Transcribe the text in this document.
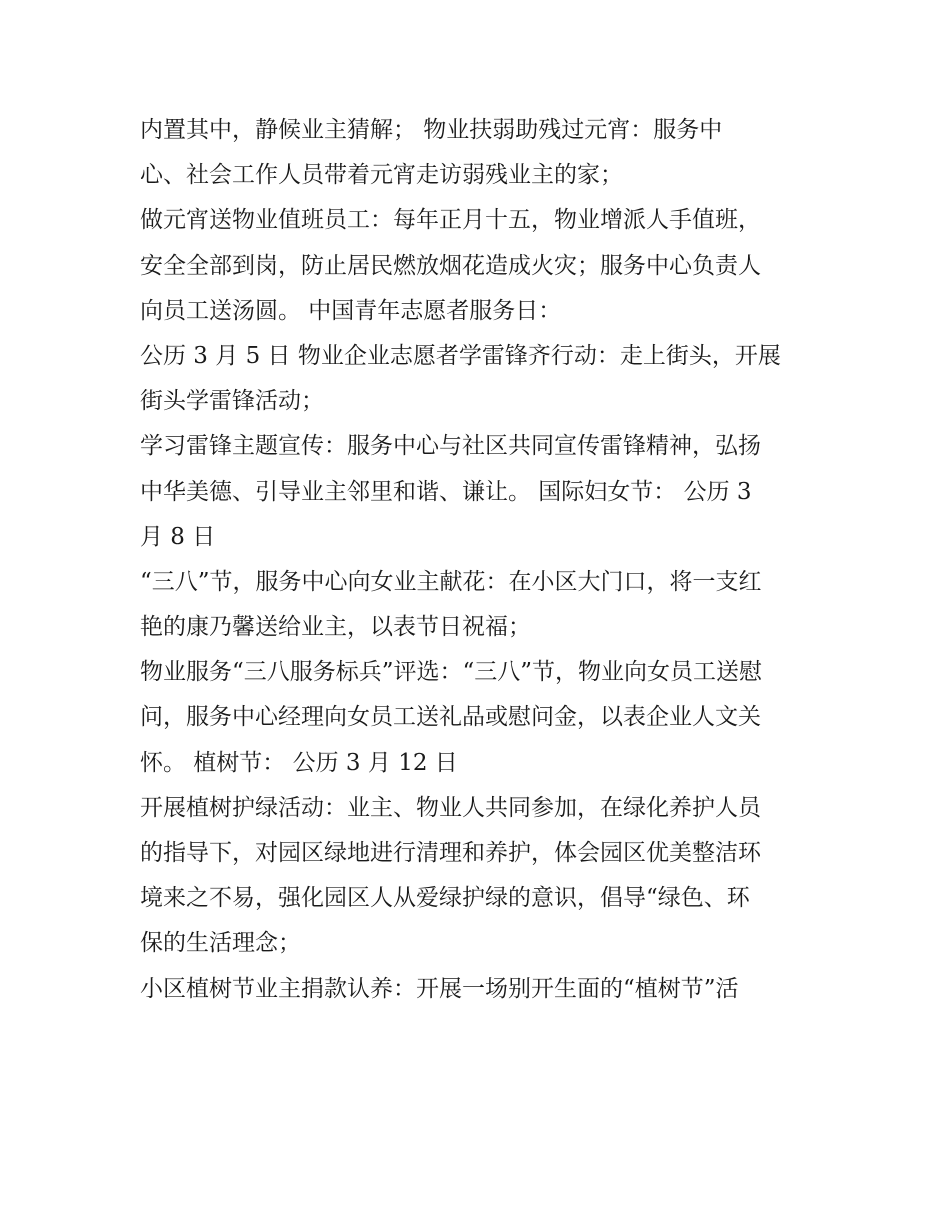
内置其中，静候业主猜解； 物业扶弱助残过元宵：服务中
心、社会工作人员带着元宵走访弱残业主的家；
做元宵送物业值班员工：每年正月十五，物业增派人手值班，
安全全部到岗，防止居民燃放烟花造成火灾；服务中心负责人
向员工送汤圆。 中国青年志愿者服务日：
公历 3 月 5 日 物业企业志愿者学雷锋齐行动：走上街头，开展
街头学雷锋活动；
学习雷锋主题宣传：服务中心与社区共同宣传雷锋精神，弘扬
中华美德、引导业主邻里和谐、谦让。 国际妇女节： 公历 3
月 8 日
“三八”节，服务中心向女业主献花：在小区大门口，将一支红
艳的康乃馨送给业主，以表节日祝福；
物业服务“三八服务标兵”评选：“三八”节，物业向女员工送慰
问，服务中心经理向女员工送礼品或慰问金，以表企业人文关
怀。 植树节： 公历 3 月 12 日
开展植树护绿活动：业主、物业人共同参加，在绿化养护人员
的指导下，对园区绿地进行清理和养护，体会园区优美整洁环
境来之不易，强化园区人从爱绿护绿的意识，倡导“绿色、环
保的生活理念；
小区植树节业主捐款认养：开展一场别开生面的“植树节”活
